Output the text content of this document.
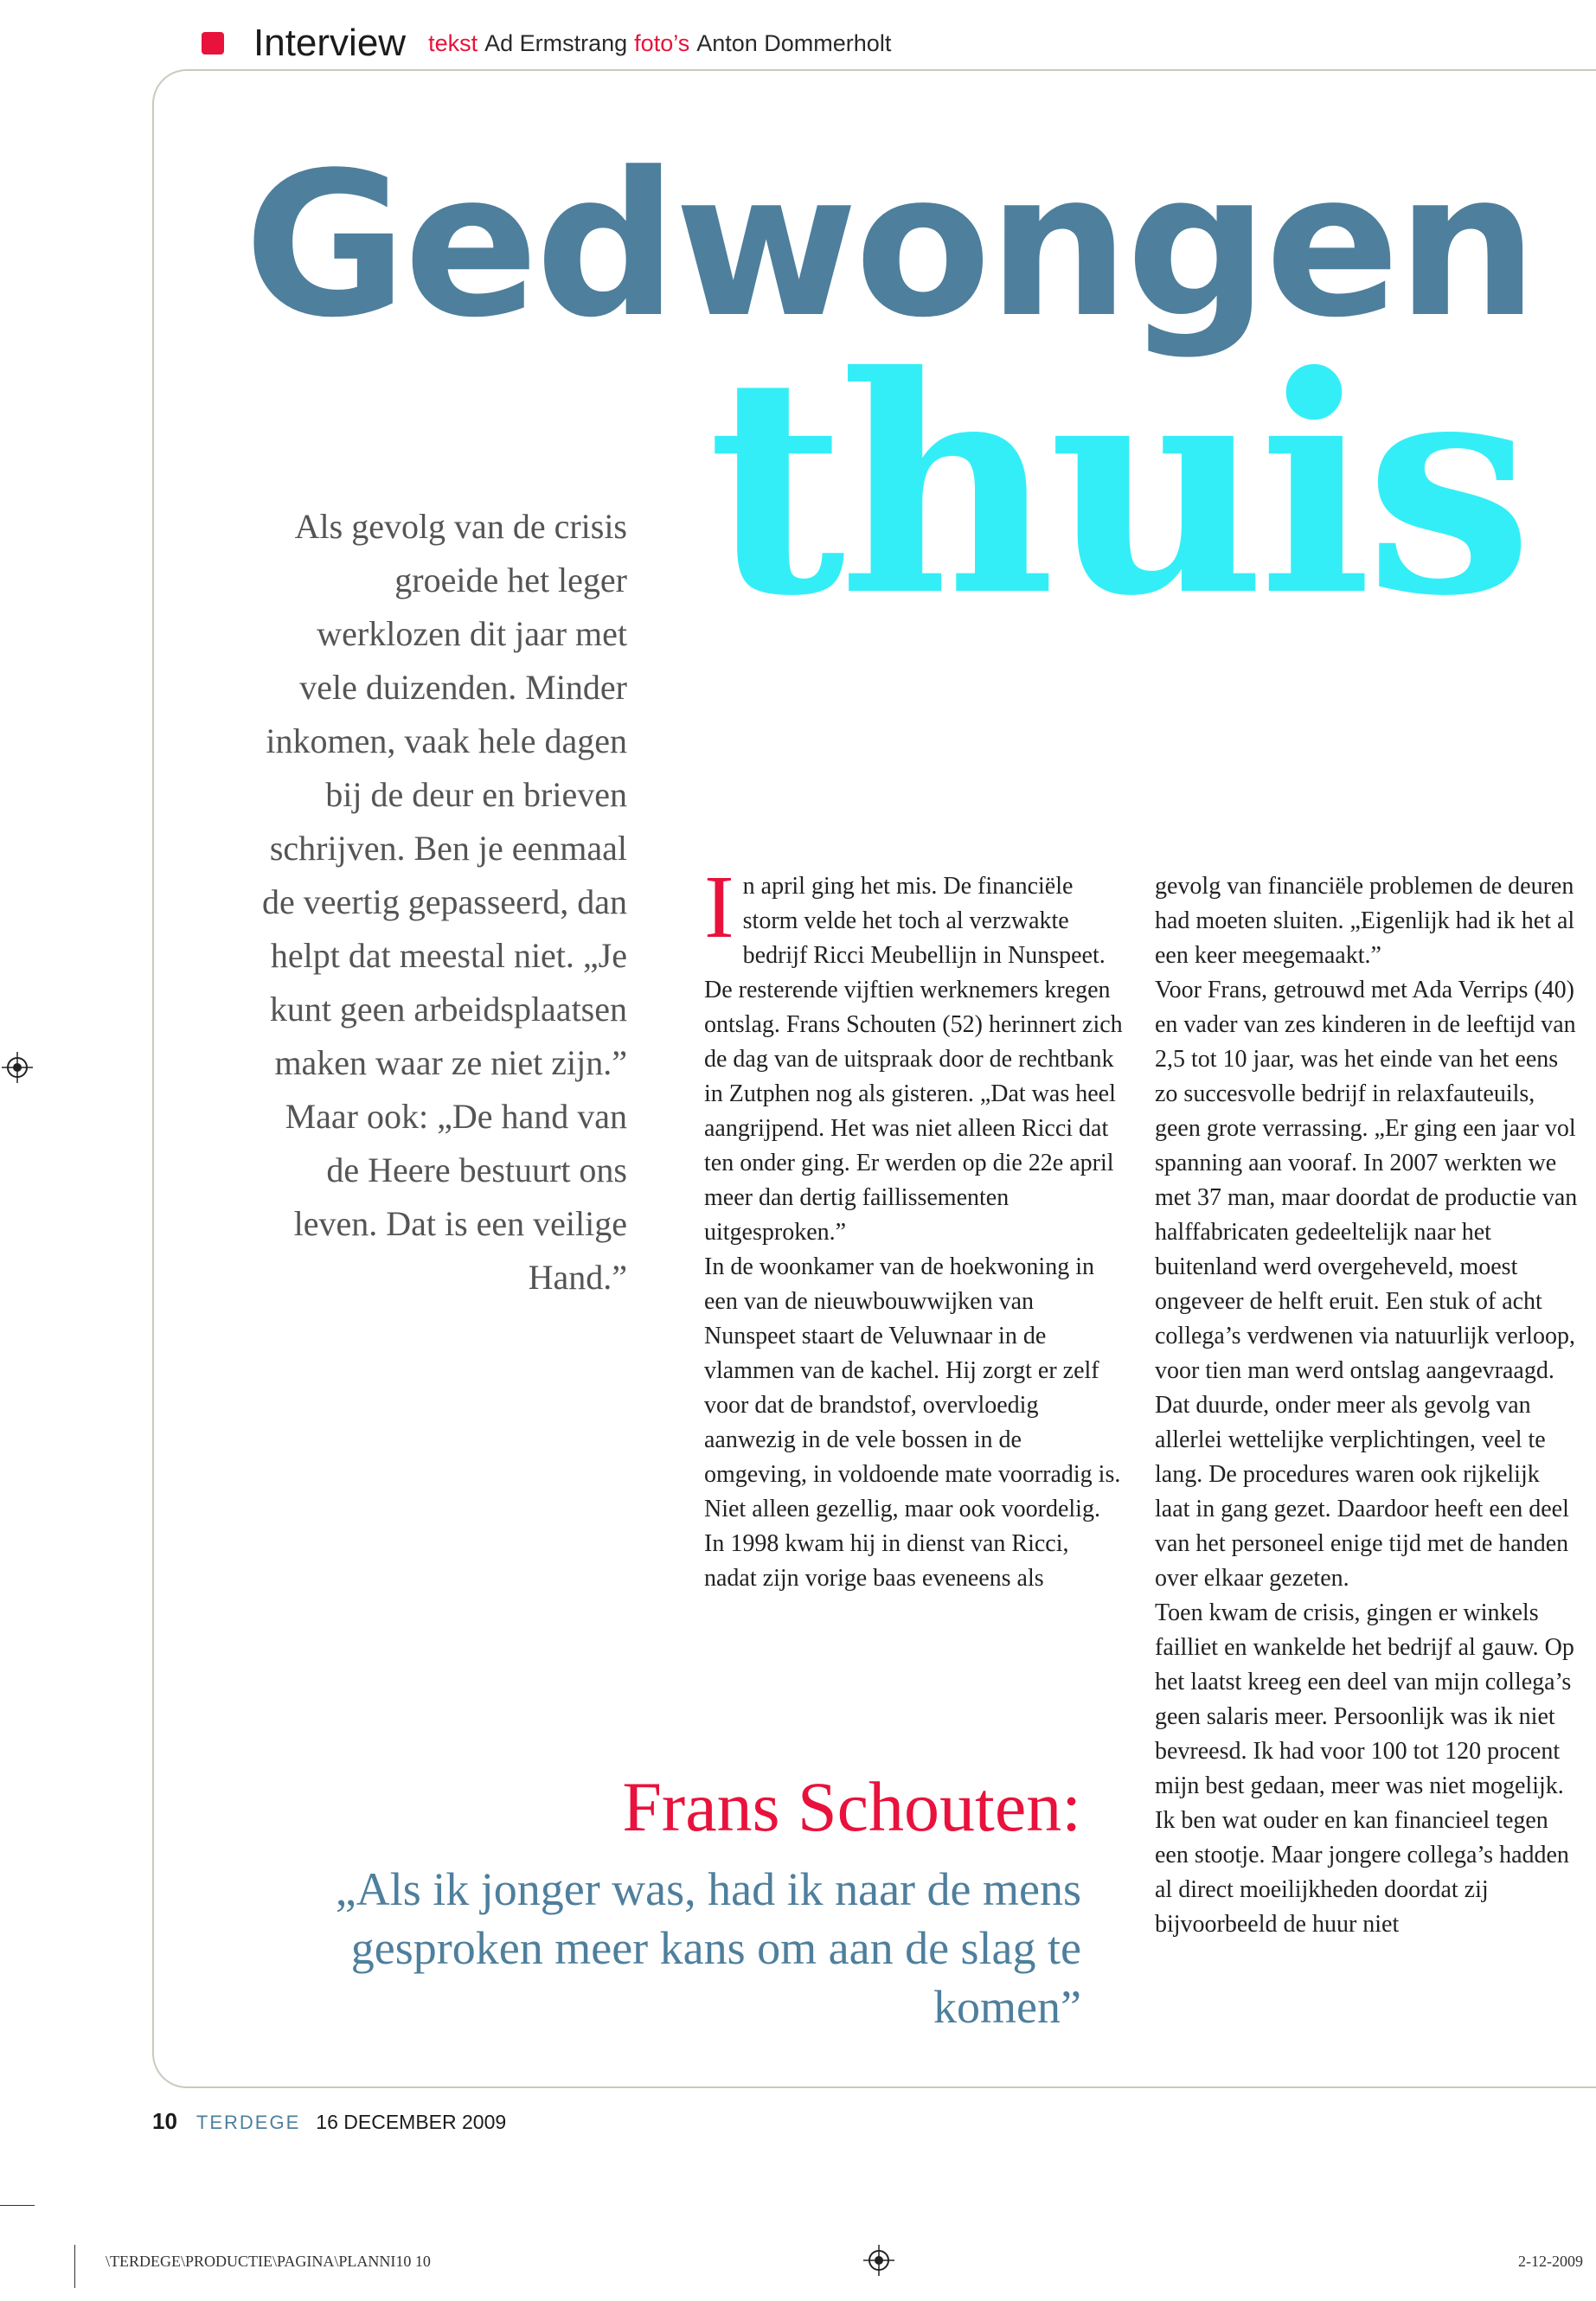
Interview tekst Ad Ermstrang foto’s Anton Dommerholt
Gedwongen
thuis

Als gevolg van de crisis groeide het leger werklozen dit jaar met vele duizenden. Minder inkomen, vaak hele dagen bij de deur en brieven schrijven. Ben je eenmaal de veertig gepasseerd, dan helpt dat meestal niet. „Je kunt geen arbeidsplaatsen maken waar ze niet zijn.” Maar ook: „De hand van de Heere bestuurt ons leven. Dat is een veilige Hand.”

I n april ging het mis. De financiële storm velde het toch al verzwakte bedrijf Ricci Meubellijn in Nunspeet. De resterende vijftien werknemers kregen ontslag. Frans Schouten (52) herinnert zich de dag van de uitspraak door de rechtbank in Zutphen nog als gisteren. „Dat was heel aangrijpend. Het was niet alleen Ricci dat ten onder ging. Er werden op die 22e april meer dan dertig faillissementen uitgesproken.”
In de woonkamer van de hoekwoning in een van de nieuwbouwwijken van Nunspeet staart de Veluwnaar in de vlammen van de kachel. Hij zorgt er zelf voor dat de brandstof, overvloedig aanwezig in de vele bossen in de omgeving, in voldoende mate voorradig is. Niet alleen gezellig, maar ook voordelig.
In 1998 kwam hij in dienst van Ricci, nadat zijn vorige baas eveneens als
gevolg van financiële problemen de deuren had moeten sluiten. „Eigenlijk had ik het al een keer meegemaakt.”
Voor Frans, getrouwd met Ada Verrips (40) en vader van zes kinderen in de leeftijd van 2,5 tot 10 jaar, was het einde van het eens zo succesvolle bedrijf in relaxfauteuils, geen grote verrassing. „Er ging een jaar vol spanning aan vooraf. In 2007 werkten we met 37 man, maar doordat de productie van halffabricaten gedeeltelijk naar het buitenland werd overgeheveld, moest ongeveer de helft eruit. Een stuk of acht collega’s verdwenen via natuurlijk verloop, voor tien man werd ontslag aangevraagd. Dat duurde, onder meer als gevolg van allerlei wettelijke verplichtingen, veel te lang. De procedures waren ook rijkelijk laat in gang gezet. Daardoor heeft een deel van het personeel enige tijd met de handen over elkaar gezeten.
Toen kwam de crisis, gingen er winkels failliet en wankelde het bedrijf al gauw. Op het laatst kreeg een deel van mijn collega’s geen salaris meer. Persoonlijk was ik niet bevreesd. Ik had voor 100 tot 120 procent mijn best gedaan, meer was niet mogelijk. Ik ben wat ouder en kan financieel tegen een stootje. Maar jongere collega’s hadden al direct moeilijkheden doordat zij bijvoorbeeld de huur niet
Frans Schouten:

„Als ik jonger was, had ik naar de mens gesproken meer kans om aan de slag te komen”

10 TERDEGE 16 DECEMBER 2009
\TERDEGE\PRODUCTIE\PAGINA\PLANNI10 10	2-12-2009
